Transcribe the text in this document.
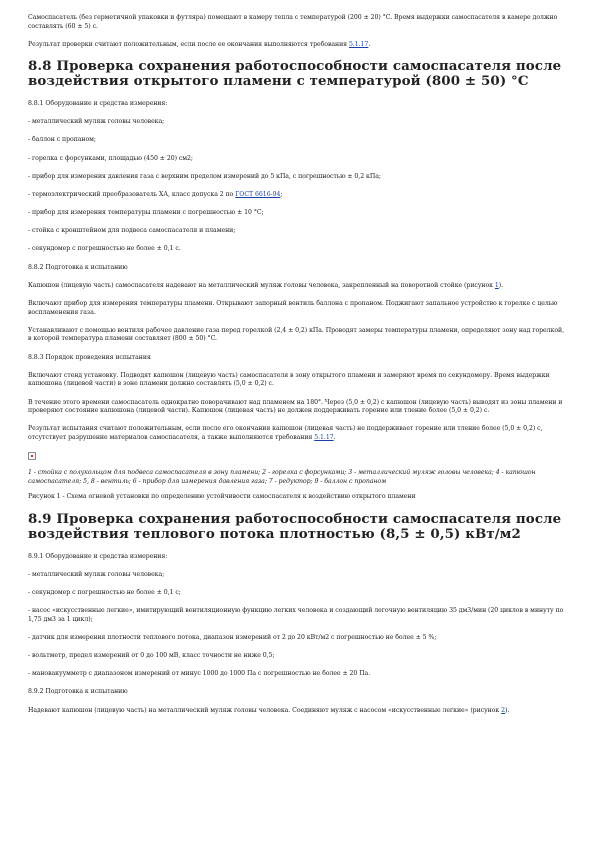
Самоспасатель (без герметичной упаковки и футляра) помещают в камеру тепла с температурой (200 ± 20) °C. Время выдержки самоспасателя в камере должно составлять (60 ± 5) с.

Результат проверки считают положительным, если после ее окончания выполняются требования 5.1.17.

8.8 Проверка сохранения работоспособности самоспасателя после воздействия открытого пламени с температурой (800 ± 50) °C

8.8.1 Оборудование и средства измерения:

- металлический муляж головы человека;

- баллон с пропаном;

- горелка с форсунками, площадью (450 ± 20) см2;

- прибор для измерения давления газа с верхним пределом измерений до 5 кПа, с погрешностью ± 0,2 кПа;

- термоэлектрический преобразователь ХА, класс допуска 2 по ГОСТ 6616-94;

- прибор для измерения температуры пламени с погрешностью ± 10 °C;

- стойка с кронштейном для подвеса самоспасателя и пламени;

- секундомер с погрешностью не более ± 0,1 с.

8.8.2 Подготовка к испытанию

Капюшон (лицевую часть) самоспасателя надевают на металлический муляж головы человека, закрепленный на поворотной стойке (рисунок 1).

Включают прибор для измерения температуры пламени. Открывают запорный вентиль баллона с пропаном. Поджигают запальное устройство к горелке с целью воспламенения газа.

Устанавливают с помощью вентиля рабочее давление газа перед горелкой (2,4 ± 0,2) кПа. Проводят замеры температуры пламени, определяют зону над горелкой, в которой температура пламени составляет (800 ± 50) °C.

8.8.3 Порядок проведения испытания

Включают стенд установку. Подводят капюшон (лицевую часть) самоспасателя в зону открытого пламени и замеряют время по секундомеру. Время выдержки капюшона (лицевой части) в зоне пламени должно составлять (5,0 ± 0,2) с.

В течение этого времени самоспасатель однократно поворачивают над пламенем на 180°. Через (5,0 ± 0,2) с капюшон (лицевую часть) выводят из зоны пламени и проверяют состояние капюшона (лицевой части). Капюшон (лицевая часть) не должен поддерживать горение или тление более (5,0 ± 0,2) с.

Результат испытания считают положительным, если после его окончания капюшон (лицевая часть) не поддерживает горение или тление более (5,0 ± 0,2) с, отсутствует разрушение материалов самоспасателя, а также выполняются требования 5.1.17.

1 - стойка с полукольцом для подвеса самоспасателя в зону пламени; 2 - горелка с форсунками; 3 - металлический муляж головы человека; 4 - капюшон самоспасателя; 5, 8 - вентиль; 6 - прибор для измерения давления газа; 7 - редуктор; 9 - баллон с пропаном

Рисунок 1 - Схема огневой установки по определению устойчивости самоспасателя к воздействию открытого пламени

8.9 Проверка сохранения работоспособности самоспасателя после воздействия теплового потока плотностью (8,5 ± 0,5) кВт/м2

8.9.1 Оборудование и средства измерения:

- металлический муляж головы человека;

- секундомер с погрешностью не более ± 0,1 с;

- насос «искусственные легкие», имитирующий вентиляционную функцию легких человека и создающий легочную вентиляцию 35 дм3/мин (20 циклов в минуту по 1,75 дм3 за 1 цикл);

- датчик для измерения плотности теплового потока, диапазон измерений от 2 до 20 кВт/м2 с погрешностью не более ± 5 %;

- вольтметр, предел измерений от 0 до 100 мВ, класс точности не ниже 0,5;

- мановакуумметр с диапазоном измерений от минус 1000 до 1000 Па с погрешностью не более ± 20 Па.

8.9.2 Подготовка к испытанию

Надевают капюшон (лицевую часть) на металлический муляж головы человека. Соединяют муляж с насосом «искусственные легкие» (рисунок 2).
